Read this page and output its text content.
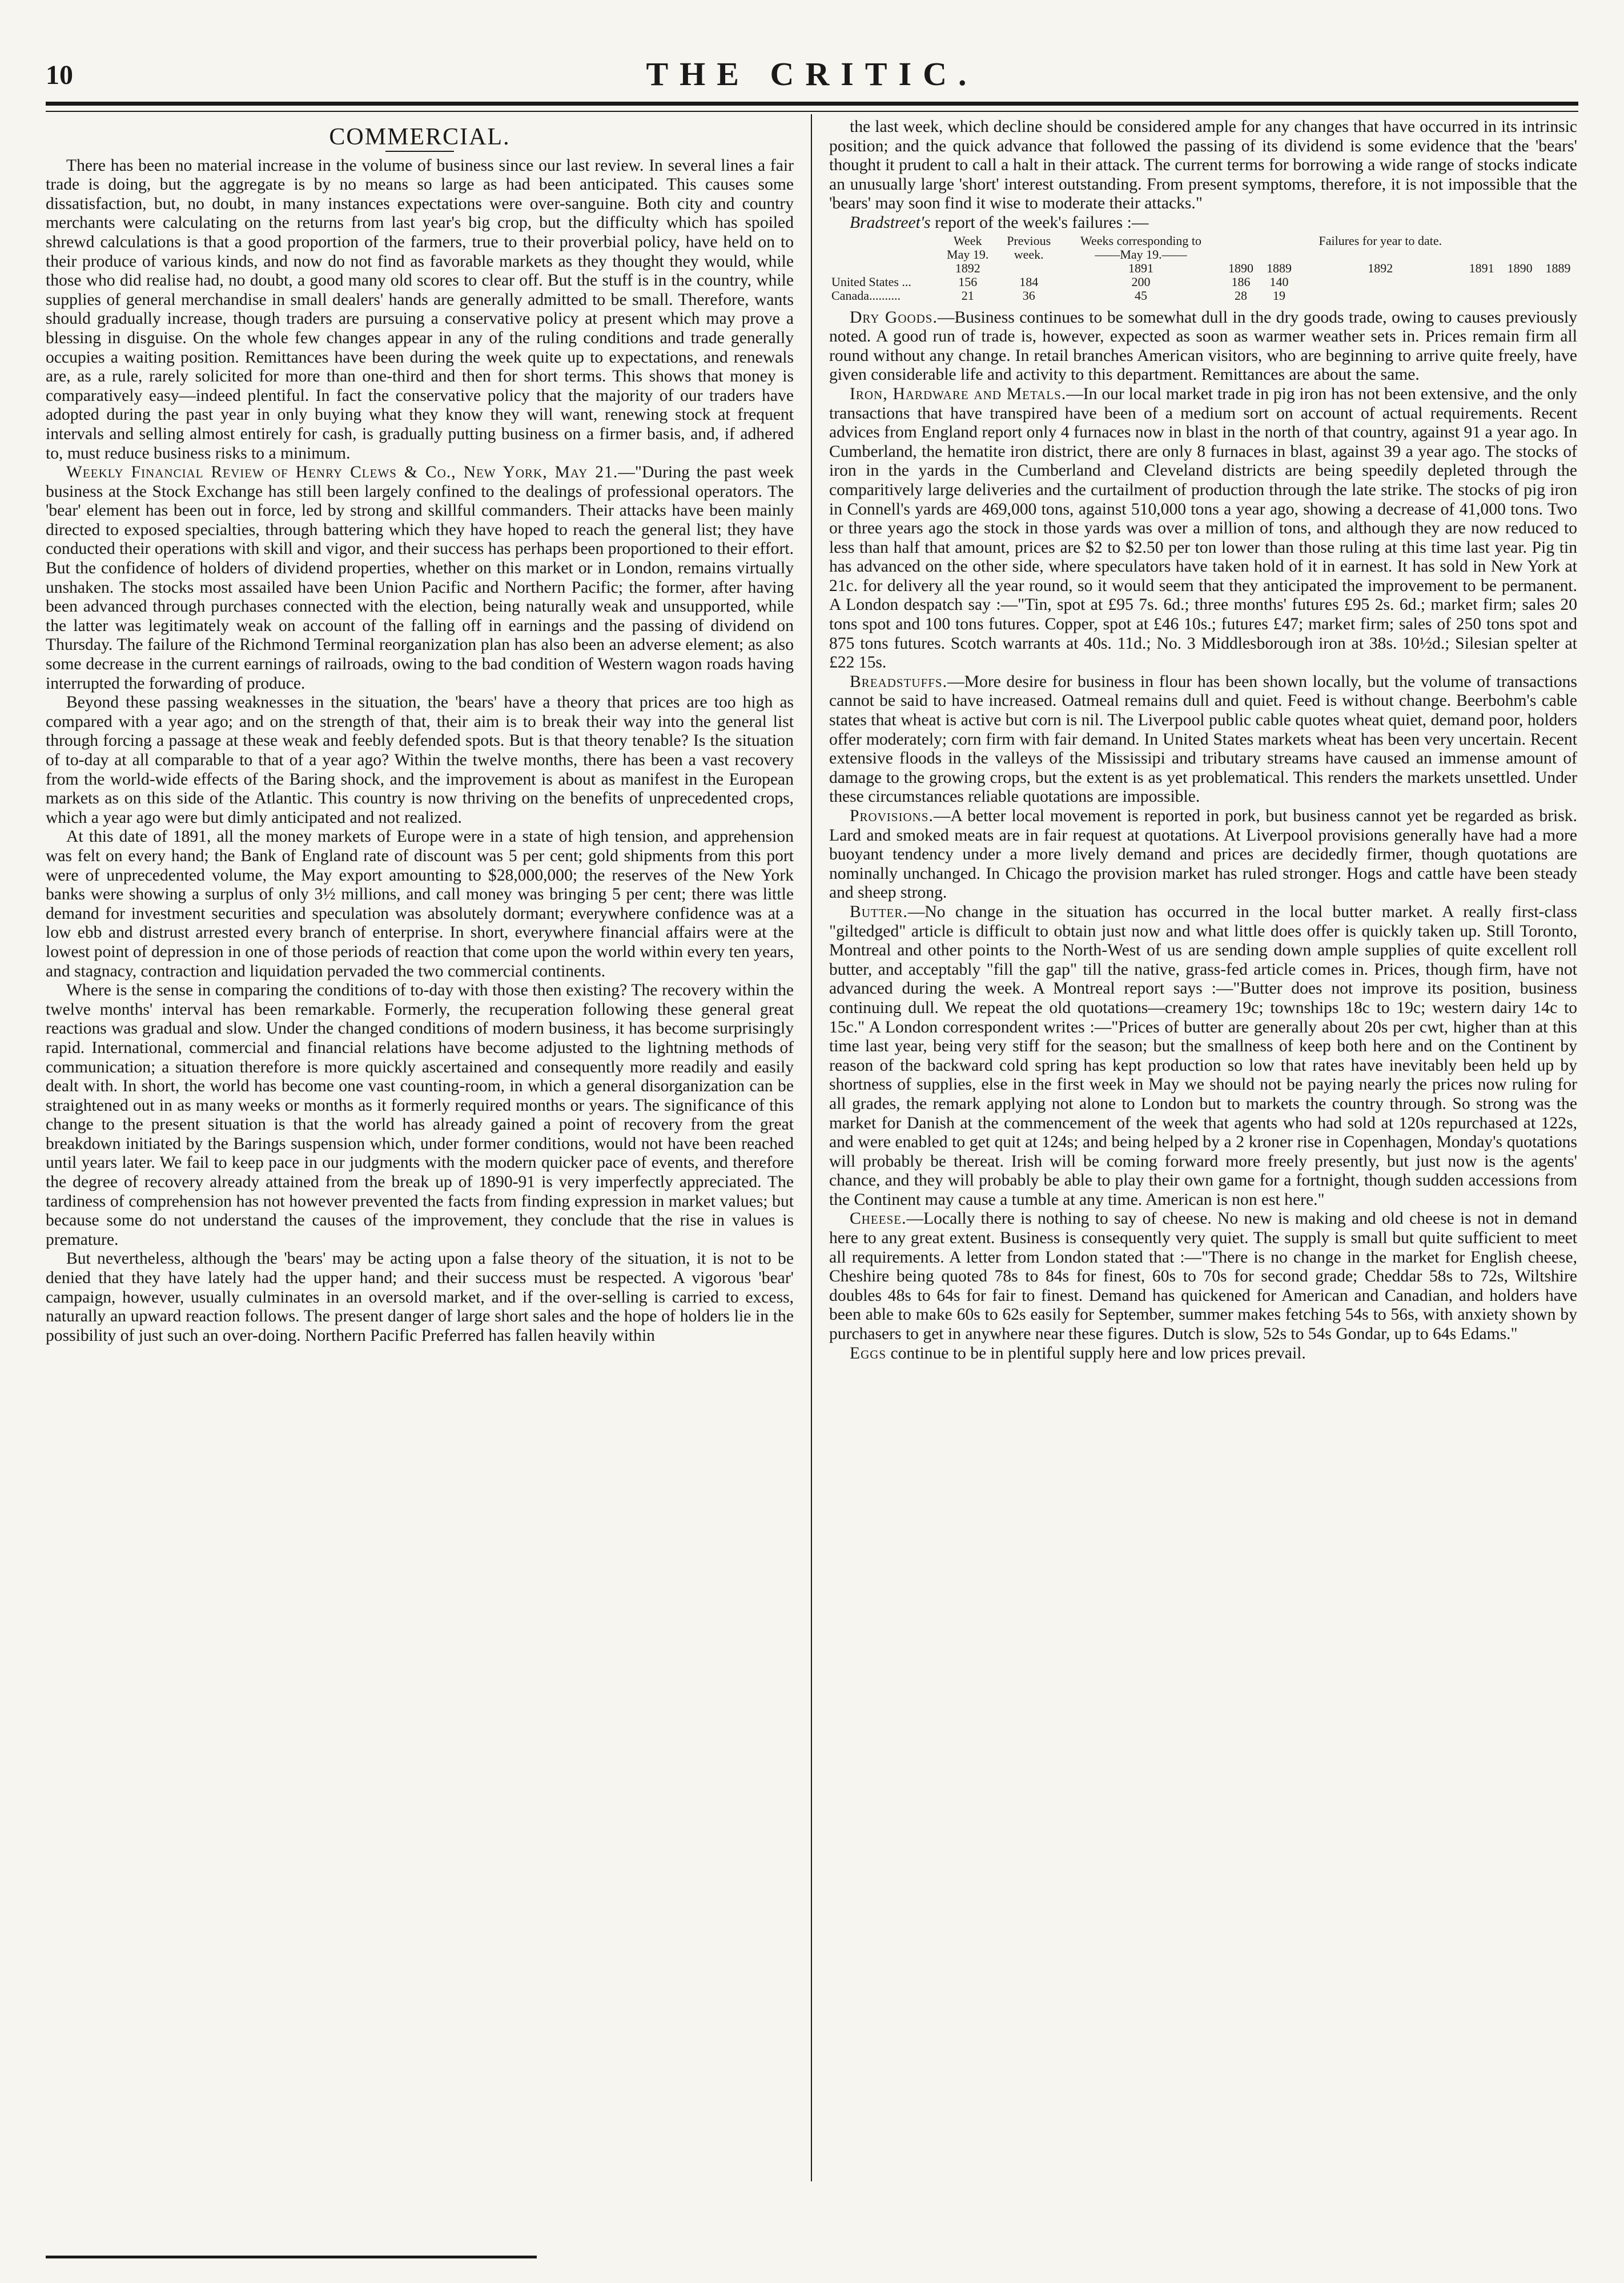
10	THE CRITIC.
COMMERCIAL.

There has been no material increase in the volume of business since our last review. In several lines a fair trade is doing, but the aggregate is by no means so large as had been anticipated. This causes some dissatisfaction, but, no doubt, in many instances expectations were over-sanguine. Both city and country merchants were calculating on the returns from last year's big crop, but the difficulty which has spoiled shrewd calculations is that a good proportion of the farmers, true to their proverbial policy, have held on to their produce of various kinds, and now do not find as favorable markets as they thought they would, while those who did realise had, no doubt, a good many old scores to clear off. But the stuff is in the country, while supplies of general merchandise in small dealers' hands are generally admitted to be small. Therefore, wants should gradually increase, though traders are pursuing a conservative policy at present which may prove a blessing in disguise. On the whole few changes appear in any of the ruling conditions and trade generally occupies a waiting position. Remittances have been during the week quite up to expectations, and renewals are, as a rule, rarely solicited for more than one-third and then for short terms. This shows that money is comparatively easy—indeed plentiful. In fact the conservative policy that the majority of our traders have adopted during the past year in only buying what they know they will want, renewing stock at frequent intervals and selling almost entirely for cash, is gradually putting business on a firmer basis, and, if adhered to, must reduce business risks to a minimum.

Weekly Financial Review of Henry Clews & Co., New York, May 21.—"During the past week business at the Stock Exchange has still been largely confined to the dealings of professional operators. The 'bear' element has been out in force, led by strong and skillful commanders. Their attacks have been mainly directed to exposed specialties, through battering which they have hoped to reach the general list; they have conducted their operations with skill and vigor, and their success has perhaps been proportioned to their effort. But the confidence of holders of dividend properties, whether on this market or in London, remains virtually unshaken. The stocks most assailed have been Union Pacific and Northern Pacific; the former, after having been advanced through purchases connected with the election, being naturally weak and unsupported, while the latter was legitimately weak on account of the falling off in earnings and the passing of dividend on Thursday. The failure of the Richmond Terminal reorganization plan has also been an adverse element; as also some decrease in the current earnings of railroads, owing to the bad condition of Western wagon roads having interrupted the forwarding of produce.

Beyond these passing weaknesses in the situation, the 'bears' have a theory that prices are too high as compared with a year ago; and on the strength of that, their aim is to break their way into the general list through forcing a passage at these weak and feebly defended spots. But is that theory tenable? Is the situation of to-day at all comparable to that of a year ago? Within the twelve months, there has been a vast recovery from the world-wide effects of the Baring shock, and the improvement is about as manifest in the European markets as on this side of the Atlantic. This country is now thriving on the benefits of unprecedented crops, which a year ago were but dimly anticipated and not realized.

At this date of 1891, all the money markets of Europe were in a state of high tension, and apprehension was felt on every hand; the Bank of England rate of discount was 5 per cent; gold shipments from this port were of unprecedented volume, the May export amounting to $28,000,000; the reserves of the New York banks were showing a surplus of only 3½ millions, and call money was bringing 5 per cent; there was little demand for investment securities and speculation was absolutely dormant; everywhere confidence was at a low ebb and distrust arrested every branch of enterprise. In short, everywhere financial affairs were at the lowest point of depression in one of those periods of reaction that come upon the world within every ten years, and stagnacy, contraction and liquidation pervaded the two commercial continents.

Where is the sense in comparing the conditions of to-day with those then existing? The recovery within the twelve months' interval has been remarkable. Formerly, the recuperation following these general great reactions was gradual and slow. Under the changed conditions of modern business, it has become surprisingly rapid. International, commercial and financial relations have become adjusted to the lightning methods of communication; a situation therefore is more quickly ascertained and consequently more readily and easily dealt with. In short, the world has become one vast counting-room, in which a general disorganization can be straightened out in as many weeks or months as it formerly required months or years. The significance of this change to the present situation is that the world has already gained a point of recovery from the great breakdown initiated by the Barings suspension which, under former conditions, would not have been reached until years later. We fail to keep pace in our judgments with the modern quicker pace of events, and therefore the degree of recovery already attained from the break up of 1890-91 is very imperfectly appreciated. The tardiness of comprehension has not however prevented the facts from finding expression in market values; but because some do not understand the causes of the improvement, they conclude that the rise in values is premature.

But nevertheless, although the 'bears' may be acting upon a false theory of the situation, it is not to be denied that they have lately had the upper hand; and their success must be respected. A vigorous 'bear' campaign, however, usually culminates in an oversold market, and if the over-selling is carried to excess, naturally an upward reaction follows. The present danger of large short sales and the hope of holders lie in the possibility of just such an over-doing. Northern Pacific Preferred has fallen heavily within

the last week, which decline should be considered ample for any changes that have occurred in its intrinsic position; and the quick advance that followed the passing of its dividend is some evidence that the 'bears' thought it prudent to call a halt in their attack. The current terms for borrowing a wide range of stocks indicate an unusually large 'short' interest outstanding. From present symptoms, therefore, it is not impossible that the 'bears' may soon find it wise to moderate their attacks."

Bradstreet's report of the week's failures :—

	Week	Previous	Weeks corresponding to			Failures for year to date.			
	May 19.	week.	——May 19.——						
	1892		1891	1890	1889	1892	1891	1890	1889
United States ...	156	184	200	186	140				
Canada..........	21	36	45	28	19				

Dry Goods.—Business continues to be somewhat dull in the dry goods trade, owing to causes previously noted. A good run of trade is, however, expected as soon as warmer weather sets in. Prices remain firm all round without any change. In retail branches American visitors, who are beginning to arrive quite freely, have given considerable life and activity to this department. Remittances are about the same.

Iron, Hardware and Metals.—In our local market trade in pig iron has not been extensive, and the only transactions that have transpired have been of a medium sort on account of actual requirements. Recent advices from England report only 4 furnaces now in blast in the north of that country, against 91 a year ago. In Cumberland, the hematite iron district, there are only 8 furnaces in blast, against 39 a year ago. The stocks of iron in the yards in the Cumberland and Cleveland districts are being speedily depleted through the comparitively large deliveries and the curtailment of production through the late strike. The stocks of pig iron in Connell's yards are 469,000 tons, against 510,000 tons a year ago, showing a decrease of 41,000 tons. Two or three years ago the stock in those yards was over a million of tons, and although they are now reduced to less than half that amount, prices are $2 to $2.50 per ton lower than those ruling at this time last year. Pig tin has advanced on the other side, where speculators have taken hold of it in earnest. It has sold in New York at 21c. for delivery all the year round, so it would seem that they anticipated the improvement to be permanent. A London despatch say :—"Tin, spot at £95 7s. 6d.; three months' futures £95 2s. 6d.; market firm; sales 20 tons spot and 100 tons futures. Copper, spot at £46 10s.; futures £47; market firm; sales of 250 tons spot and 875 tons futures. Scotch warrants at 40s. 11d.; No. 3 Middlesborough iron at 38s. 10½d.; Silesian spelter at £22 15s.

Breadstuffs.—More desire for business in flour has been shown locally, but the volume of transactions cannot be said to have increased. Oatmeal remains dull and quiet. Feed is without change. Beerbohm's cable states that wheat is active but corn is nil. The Liverpool public cable quotes wheat quiet, demand poor, holders offer moderately; corn firm with fair demand. In United States markets wheat has been very uncertain. Recent extensive floods in the valleys of the Mississipi and tributary streams have caused an immense amount of damage to the growing crops, but the extent is as yet problematical. This renders the markets unsettled. Under these circumstances reliable quotations are impossible.

Provisions.—A better local movement is reported in pork, but business cannot yet be regarded as brisk. Lard and smoked meats are in fair request at quotations. At Liverpool provisions generally have had a more buoyant tendency under a more lively demand and prices are decidedly firmer, though quotations are nominally unchanged. In Chicago the provision market has ruled stronger. Hogs and cattle have been steady and sheep strong.

Butter.—No change in the situation has occurred in the local butter market. A really first-class "giltedged" article is difficult to obtain just now and what little does offer is quickly taken up. Still Toronto, Montreal and other points to the North-West of us are sending down ample supplies of quite excellent roll butter, and acceptably "fill the gap" till the native, grass-fed article comes in. Prices, though firm, have not advanced during the week. A Montreal report says :—"Butter does not improve its position, business continuing dull. We repeat the old quotations—creamery 19c; townships 18c to 19c; western dairy 14c to 15c." A London correspondent writes :—"Prices of butter are generally about 20s per cwt, higher than at this time last year, being very stiff for the season; but the smallness of keep both here and on the Continent by reason of the backward cold spring has kept production so low that rates have inevitably been held up by shortness of supplies, else in the first week in May we should not be paying nearly the prices now ruling for all grades, the remark applying not alone to London but to markets the country through. So strong was the market for Danish at the commencement of the week that agents who had sold at 120s repurchased at 122s, and were enabled to get quit at 124s; and being helped by a 2 kroner rise in Copenhagen, Monday's quotations will probably be thereat. Irish will be coming forward more freely presently, but just now is the agents' chance, and they will probably be able to play their own game for a fortnight, though sudden accessions from the Continent may cause a tumble at any time. American is non est here."

Cheese.—Locally there is nothing to say of cheese. No new is making and old cheese is not in demand here to any great extent. Business is consequently very quiet. The supply is small but quite sufficient to meet all requirements. A letter from London stated that :—"There is no change in the market for English cheese, Cheshire being quoted 78s to 84s for finest, 60s to 70s for second grade; Cheddar 58s to 72s, Wiltshire doubles 48s to 64s for fair to finest. Demand has quickened for American and Canadian, and holders have been able to make 60s to 62s easily for September, summer makes fetching 54s to 56s, with anxiety shown by purchasers to get in anywhere near these figures. Dutch is slow, 52s to 54s Gondar, up to 64s Edams."

Eggs continue to be in plentiful supply here and low prices prevail.
